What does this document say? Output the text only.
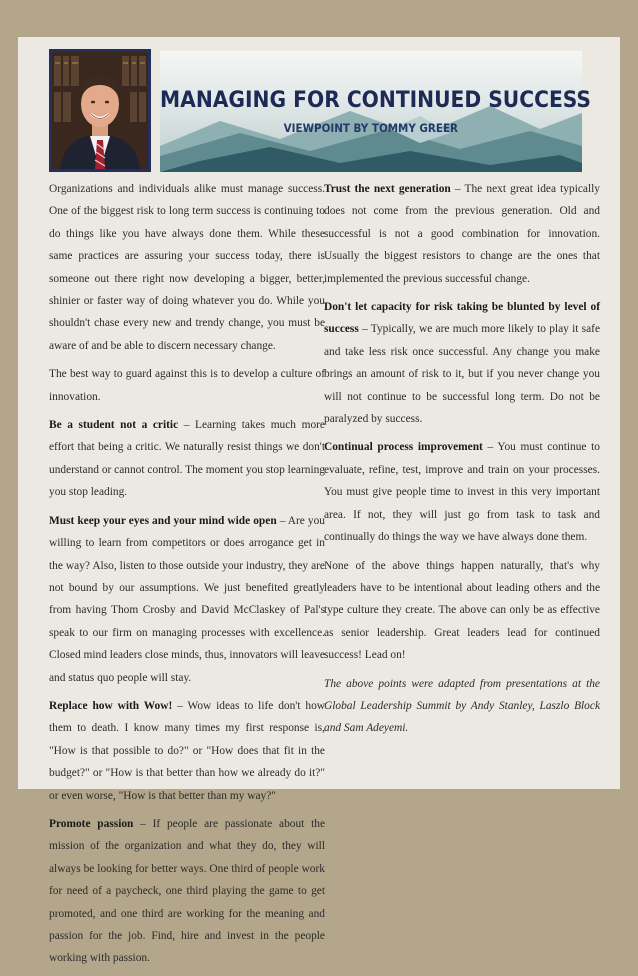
MANAGING FOR CONTINUED SUCCESS
VIEWPOINT BY TOMMY GREER

Organizations and individuals alike must manage success. One of the biggest risk to long term success is continuing to do things like you have always done them. While these same practices are assuring your success today, there is someone out there right now developing a bigger, better, shinier or faster way of doing whatever you do. While you shouldn't chase every new and trendy change, you must be aware of and be able to discern necessary change.

The best way to guard against this is to develop a culture of innovation.

Be a student not a critic – Learning takes much more effort that being a critic. We naturally resist things we don't understand or cannot control. The moment you stop learning you stop leading.

Must keep your eyes and your mind wide open – Are you willing to learn from competitors or does arrogance get in the way? Also, listen to those outside your industry, they are not bound by our assumptions. We just benefited greatly from having Thom Crosby and David McClaskey of Pal's speak to our firm on managing processes with excellence. Closed mind leaders close minds, thus, innovators will leave and status quo people will stay.

Replace how with Wow! – Wow ideas to life don't how them to death. I know many times my first response is, "How is that possible to do?" or "How does that fit in the budget?" or "How is that better than how we already do it?" or even worse, "How is that better than my way?"

Promote passion – If people are passionate about the mission of the organization and what they do, they will always be looking for better ways. One third of people work for need of a paycheck, one third playing the game to get promoted, and one third are working for the meaning and passion for the job. Find, hire and invest in the people working with passion.

Trust the next generation – The next great idea typically does not come from the previous generation. Old and successful is not a good combination for innovation. Usually the biggest resistors to change are the ones that implemented the previous successful change.

Don't let capacity for risk taking be blunted by level of success – Typically, we are much more likely to play it safe and take less risk once successful. Any change you make brings an amount of risk to it, but if you never change you will not continue to be successful long term. Do not be paralyzed by success.

Continual process improvement – You must continue to evaluate, refine, test, improve and train on your processes. You must give people time to invest in this very important area. If not, they will just go from task to task and continually do things the way we have always done them.

None of the above things happen naturally, that's why leaders have to be intentional about leading others and the type culture they create. The above can only be as effective as senior leadership. Great leaders lead for continued success! Lead on!

The above points were adapted from presentations at the Global Leadership Summit by Andy Stanley, Laszlo Block and Sam Adeyemi.
